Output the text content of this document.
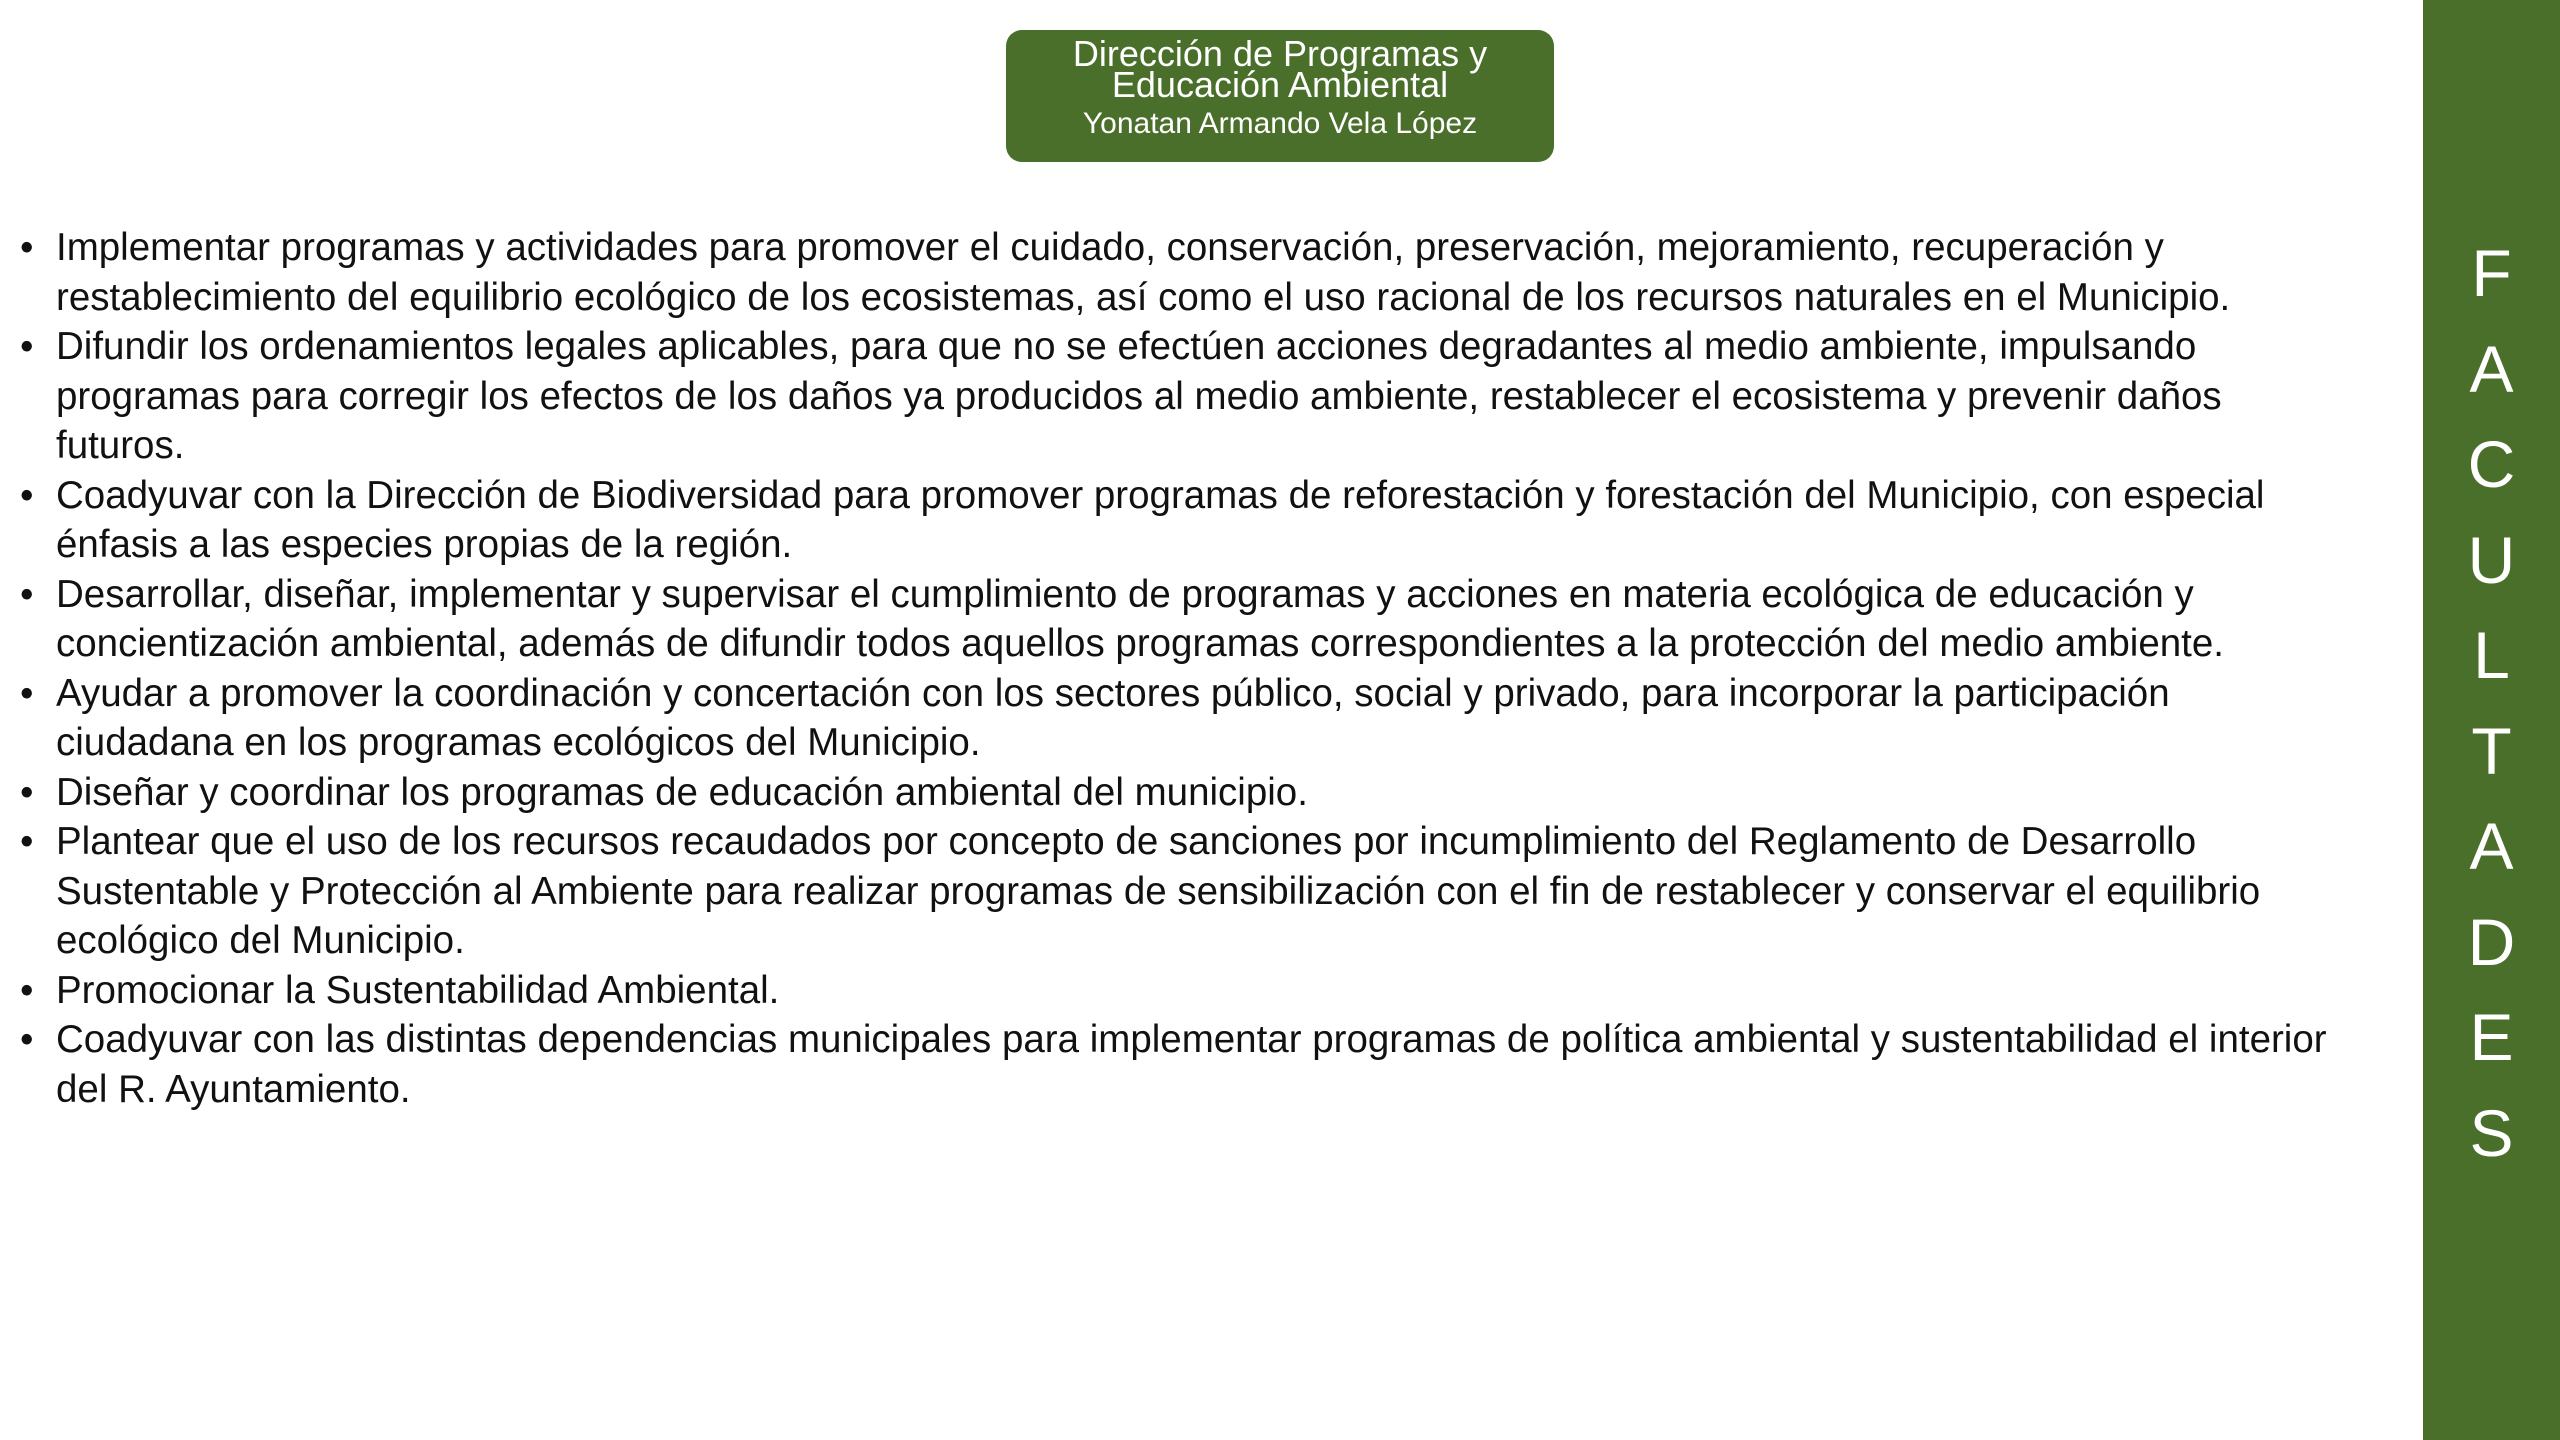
Dirección de Programas y Educación Ambiental
Yonatan Armando Vela López
• Implementar programas y actividades para promover el cuidado, conservación, preservación, mejoramiento, recuperación y restablecimiento del equilibrio ecológico de los ecosistemas, así como el uso racional de los recursos naturales en el Municipio.
• Difundir los ordenamientos legales aplicables, para que no se efectúen acciones degradantes al medio ambiente, impulsando programas para corregir los efectos de los daños ya producidos al medio ambiente, restablecer el ecosistema y prevenir daños futuros.
• Coadyuvar con la Dirección de Biodiversidad para promover programas de reforestación y forestación del Municipio, con especial énfasis a las especies propias de la región.
• Desarrollar, diseñar, implementar y supervisar el cumplimiento de programas y acciones en materia ecológica de educación y concientización ambiental, además de difundir todos aquellos programas correspondientes a la protección del medio ambiente.
• Ayudar a promover la coordinación y concertación con los sectores público, social y privado, para incorporar la participación ciudadana en los programas ecológicos del Municipio.
• Diseñar y coordinar los programas de educación ambiental del municipio.
• Plantear que el uso de los recursos recaudados por concepto de sanciones por incumplimiento del Reglamento de Desarrollo Sustentable y Protección al Ambiente para realizar programas de sensibilización con el fin de restablecer y conservar el equilibrio ecológico del Municipio.
• Promocionar la Sustentabilidad Ambiental.
• Coadyuvar con las distintas dependencias municipales para implementar programas de política ambiental y sustentabilidad el interior del R. Ayuntamiento.
F
A
C
U
L
T
A
D
E
S
